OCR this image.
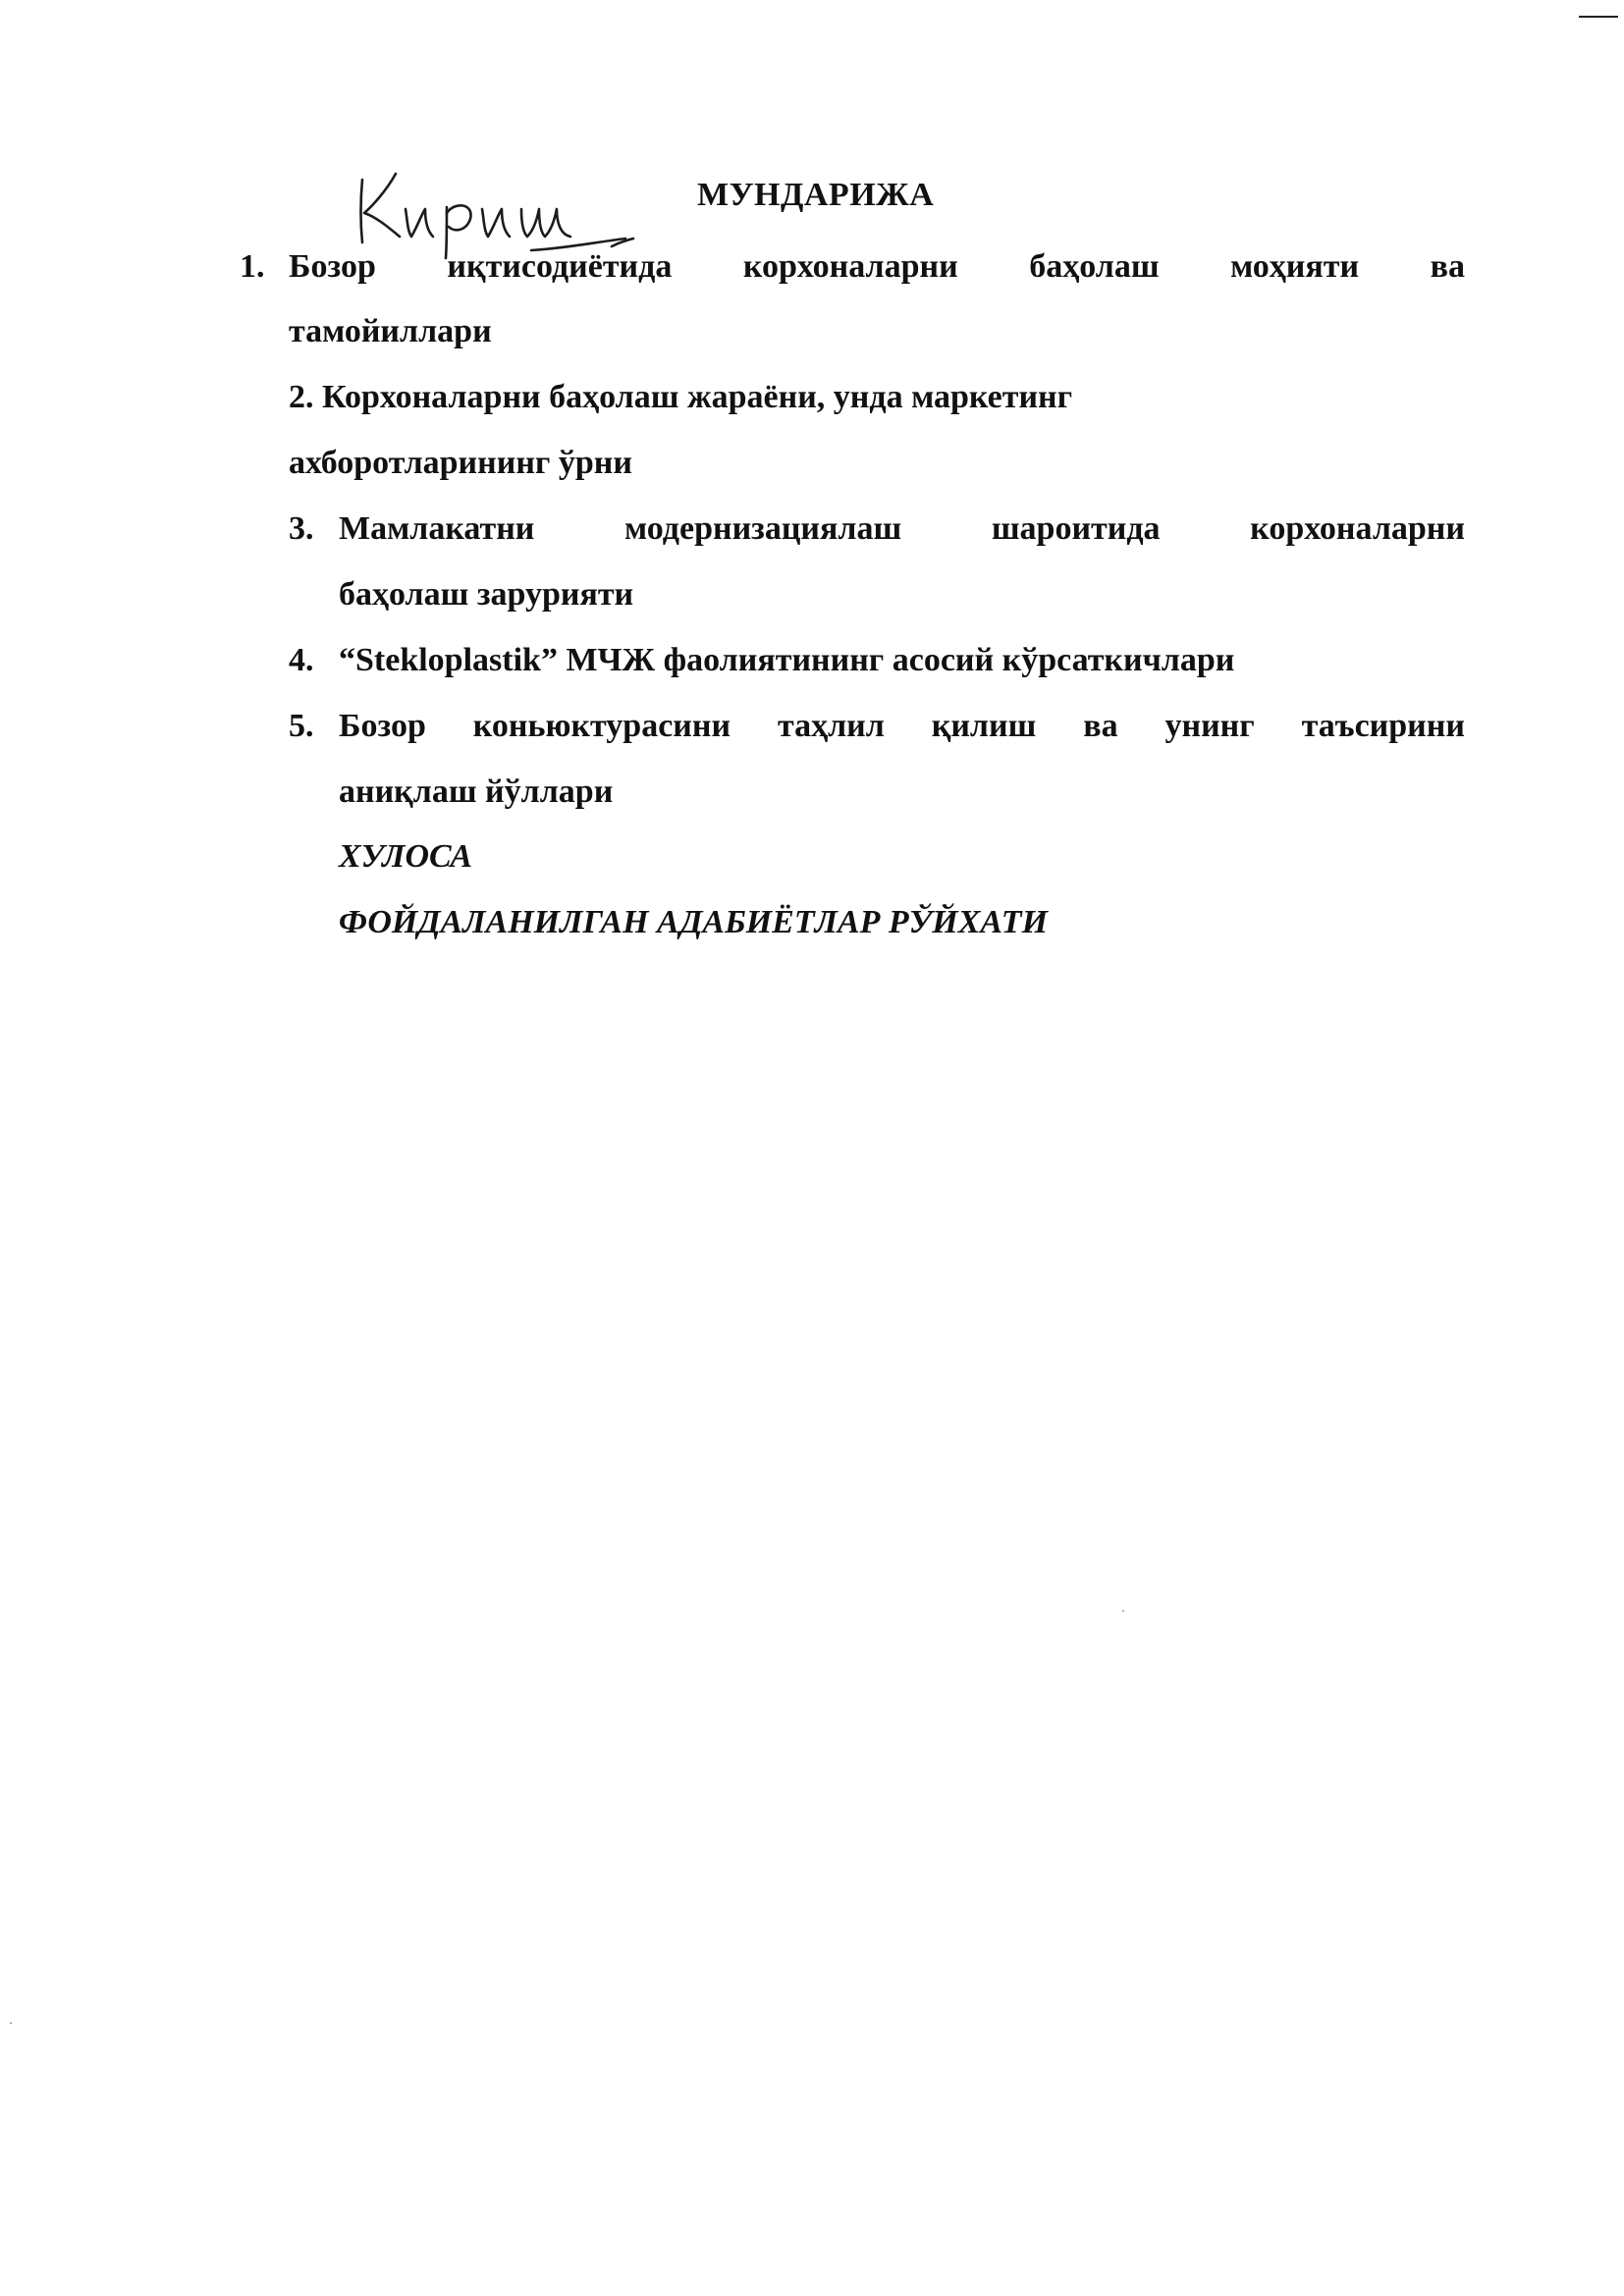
МУНДАРИЖА
1. Бозор иқтисодиётида корхоналарни баҳолаш моҳияти ва
тамойиллари
2. Корхоналарни баҳолаш жараёни, унда маркетинг
ахборотларининг ўрни
3. Мамлакатни	модернизациялаш	шароитида	корхоналарни
баҳолаш зарурияти
4. “Stekloplastik” МЧЖ фаолиятининг асосий кўрсаткичлари
5. Бозор коньюктурасини таҳлил қилиш ва унинг таъсирини
аниқлаш йўллари
ХУЛОСА
ФОЙДАЛАНИЛГАН АДАБИЁТЛАР РЎЙХАТИ
